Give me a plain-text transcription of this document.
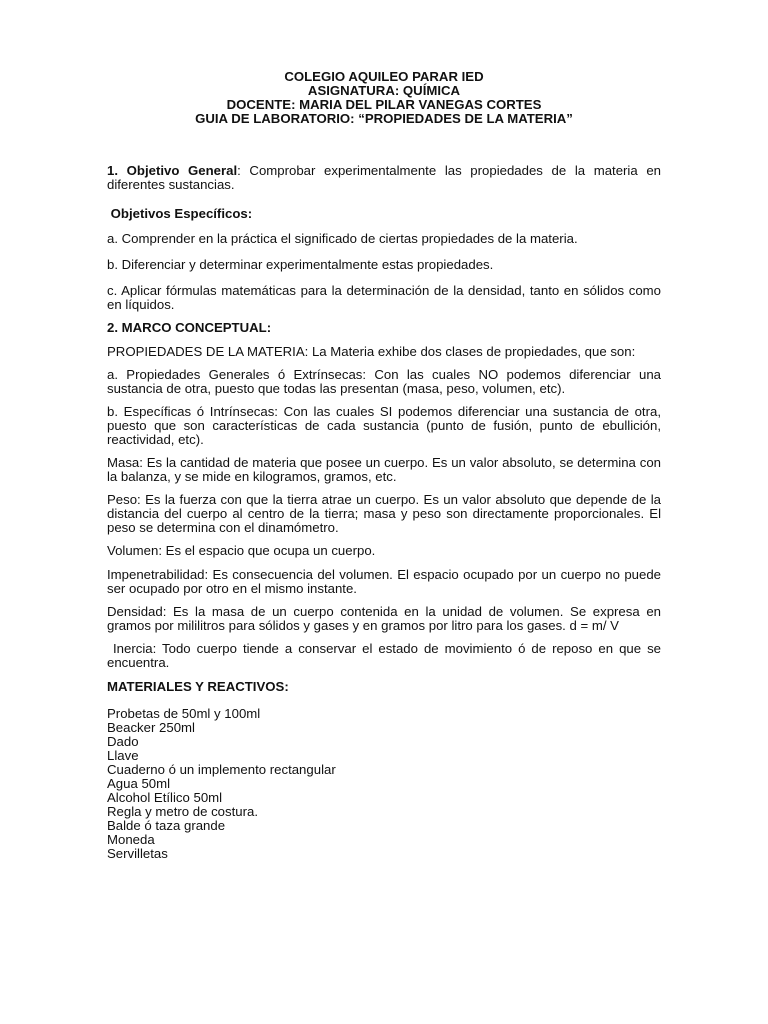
COLEGIO AQUILEO PARAR IED
ASIGNATURA: QUÍMICA
DOCENTE: MARIA DEL PILAR VANEGAS CORTES
GUIA DE LABORATORIO: “PROPIEDADES DE LA MATERIA”

1. Objetivo General: Comprobar experimentalmente las propiedades de la materia en diferentes sustancias.

Objetivos Específicos:

a. Comprender en la práctica el significado de ciertas propiedades de la materia.

b. Diferenciar y determinar experimentalmente estas propiedades.

c. Aplicar fórmulas matemáticas para la determinación de la densidad, tanto en sólidos como en líquidos.

2. MARCO CONCEPTUAL:

PROPIEDADES DE LA MATERIA: La Materia exhibe dos clases de propiedades, que son:

a. Propiedades Generales ó Extrínsecas: Con las cuales NO podemos diferenciar una sustancia de otra, puesto que todas las presentan (masa, peso, volumen, etc).

b. Específicas ó Intrínsecas: Con las cuales SI podemos diferenciar una sustancia de otra, puesto que son características de cada sustancia (punto de fusión, punto de ebullición, reactividad, etc).

Masa: Es la cantidad de materia que posee un cuerpo. Es un valor absoluto, se determina con la balanza, y se mide en kilogramos, gramos, etc.

Peso: Es la fuerza con que la tierra atrae un cuerpo. Es un valor absoluto que depende de la distancia del cuerpo al centro de la tierra; masa y peso son directamente proporcionales. El peso se determina con el dinamómetro.

Volumen: Es el espacio que ocupa un cuerpo.

Impenetrabilidad: Es consecuencia del volumen. El espacio ocupado por un cuerpo no puede ser ocupado por otro en el mismo instante.

Densidad: Es la masa de un cuerpo contenida en la unidad de volumen. Se expresa en gramos por mililitros para sólidos y gases y en gramos por litro para los gases. d = m/ V

Inercia: Todo cuerpo tiende a conservar el estado de movimiento ó de reposo en que se encuentra.

MATERIALES Y REACTIVOS:

Probetas de 50ml y 100ml
Beacker 250ml
Dado
Llave
Cuaderno ó un implemento rectangular
Agua 50ml
Alcohol Etílico 50ml
Regla y metro de costura.
Balde ó taza grande
Moneda
Servilletas
